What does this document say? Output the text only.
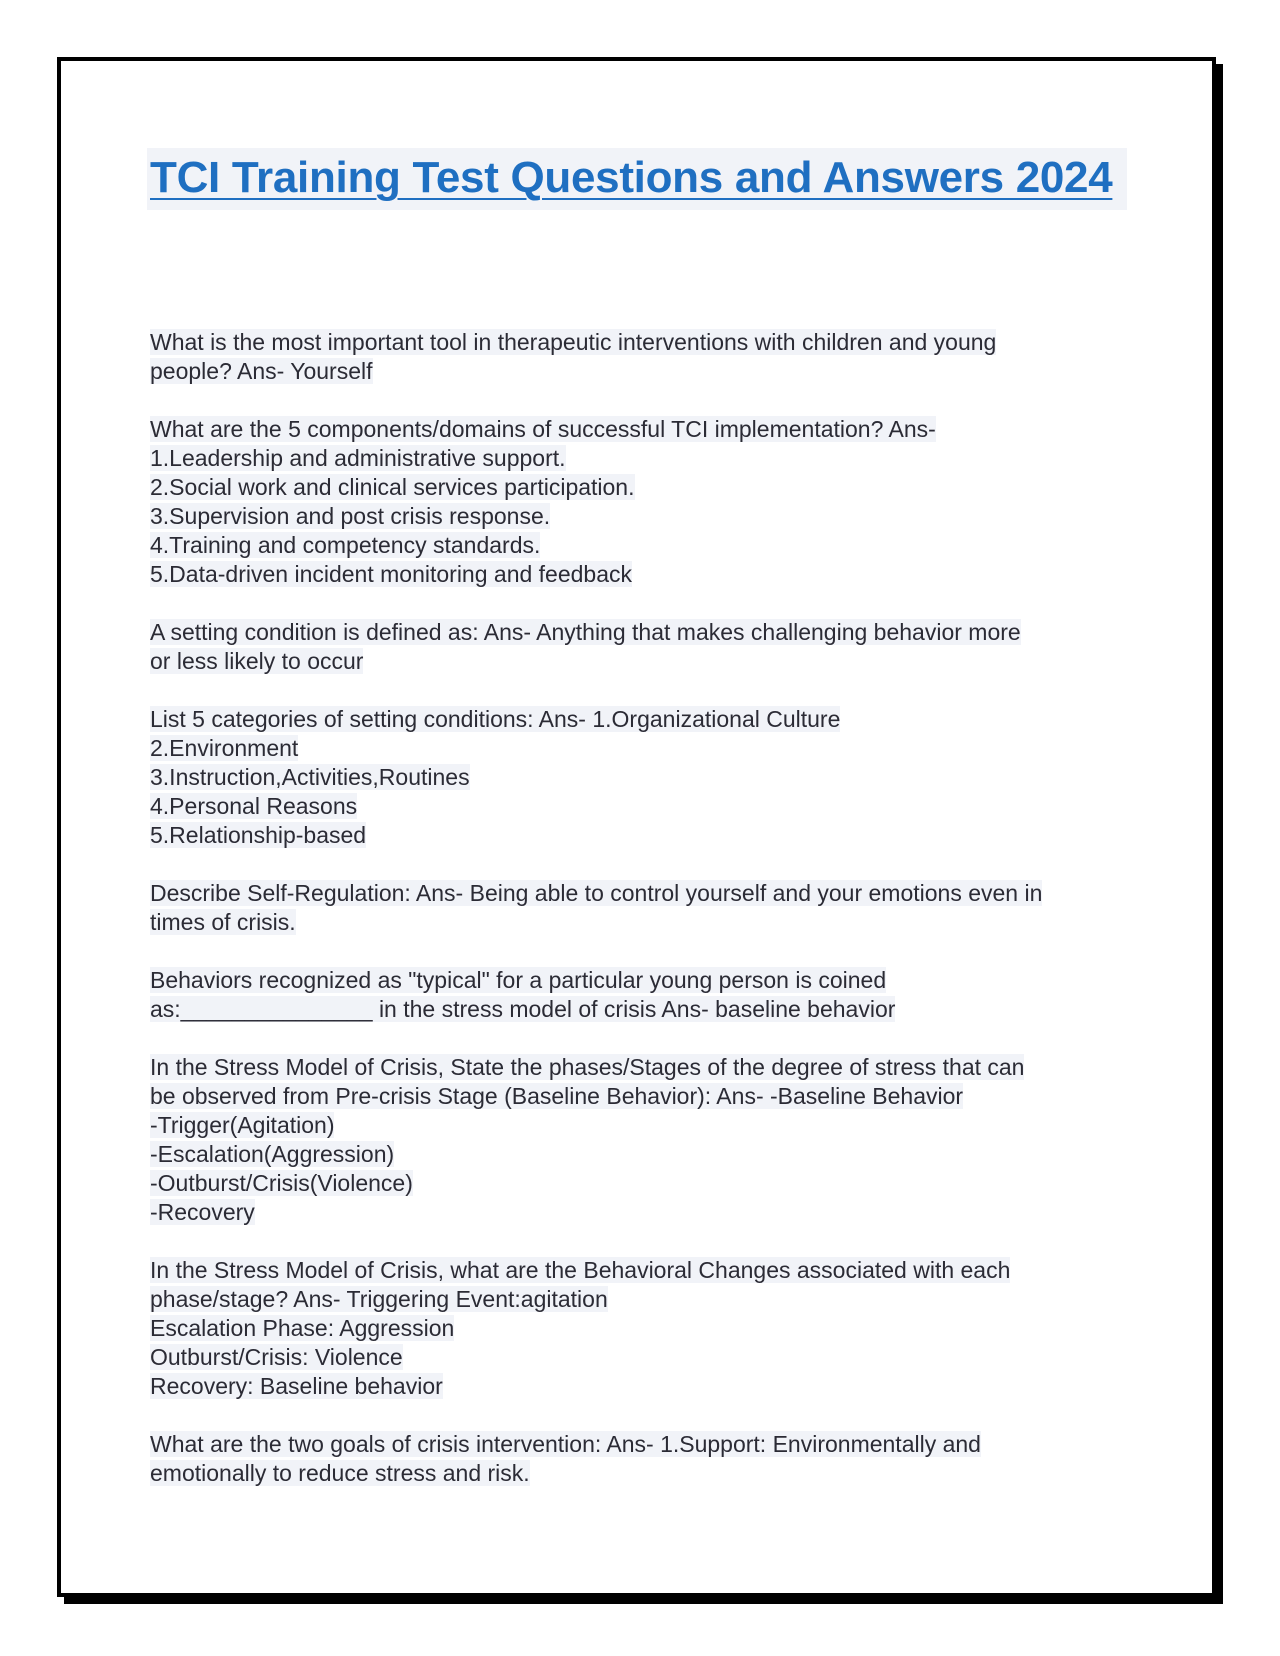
TCI Training Test Questions and Answers 2024
What is the most important tool in therapeutic interventions with children and young
people? Ans- Yourself
What are the 5 components/domains of successful TCI implementation? Ans-
1.Leadership and administrative support.
2.Social work and clinical services participation.
3.Supervision and post crisis response.
4.Training and competency standards.
5.Data-driven incident monitoring and feedback
A setting condition is defined as: Ans- Anything that makes challenging behavior more
or less likely to occur
List 5 categories of setting conditions: Ans- 1.Organizational Culture
2.Environment
3.Instruction,Activities,Routines
4.Personal Reasons
5.Relationship-based
Describe Self-Regulation: Ans- Being able to control yourself and your emotions even in
times of crisis.
Behaviors recognized as "typical" for a particular young person is coined
as:_______________ in the stress model of crisis Ans- baseline behavior
In the Stress Model of Crisis, State the phases/Stages of the degree of stress that can
be observed from Pre-crisis Stage (Baseline Behavior): Ans- -Baseline Behavior
-Trigger(Agitation)
-Escalation(Aggression)
-Outburst/Crisis(Violence)
-Recovery
In the Stress Model of Crisis, what are the Behavioral Changes associated with each
phase/stage? Ans- Triggering Event:agitation
Escalation Phase: Aggression
Outburst/Crisis: Violence
Recovery: Baseline behavior
What are the two goals of crisis intervention: Ans- 1.Support: Environmentally and
emotionally to reduce stress and risk.
